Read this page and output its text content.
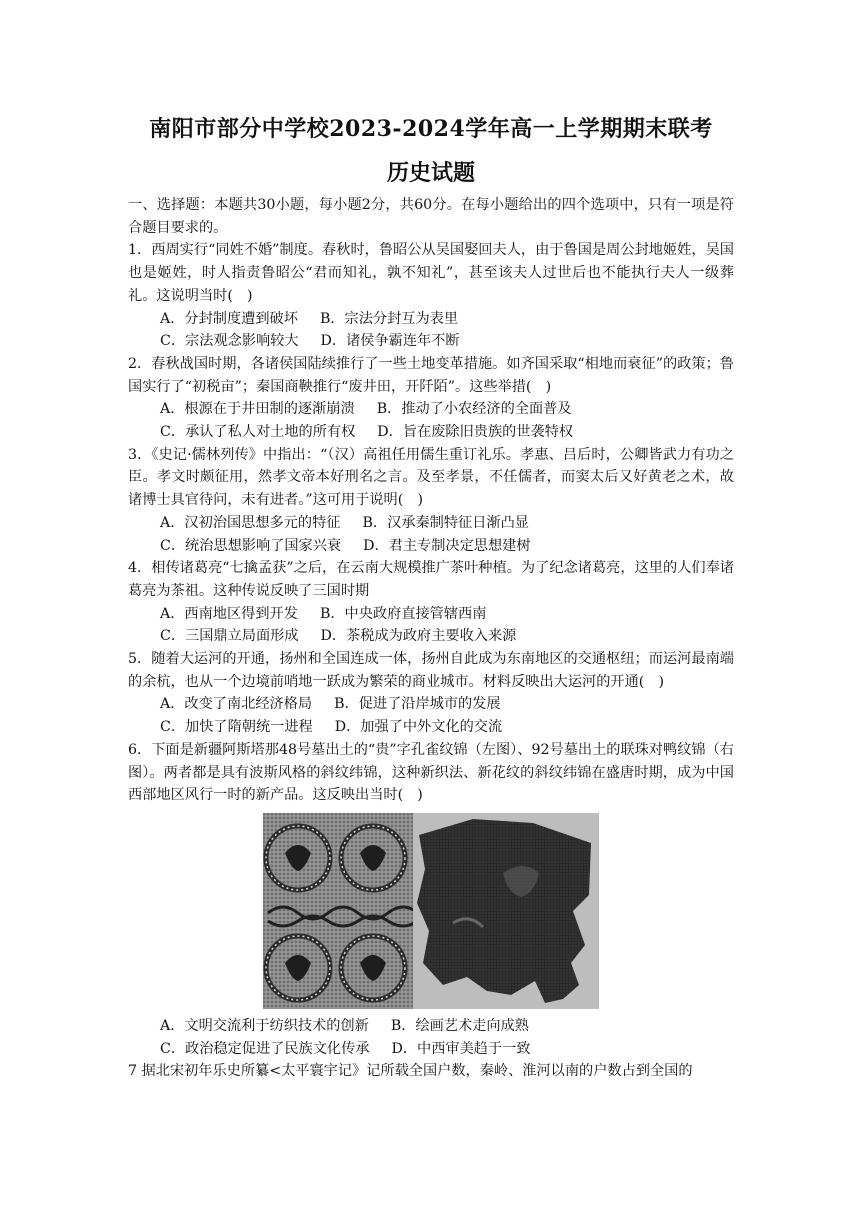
南阳市部分中学校2023-2024学年高一上学期期末联考
历史试题

一、选择题：本题共30小题，每小题2分，共60分。在每小题给出的四个选项中，只有一项是符合题目要求的。

1．西周实行“同姓不婚”制度。春秋时，鲁昭公从吴国娶回夫人，由于鲁国是周公封地姬姓，吴国也是姬姓，时人指责鲁昭公“君而知礼，孰不知礼”，甚至该夫人过世后也不能执行夫人一级葬礼。这说明当时(　)

A．分封制度遭到破坏 B．宗法分封互为表里
C．宗法观念影响较大 D．诸侯争霸连年不断

2．春秋战国时期，各诸侯国陆续推行了一些土地变革措施。如齐国采取“相地而衰征”的政策；鲁国实行了“初税亩”；秦国商鞅推行“废井田，开阡陌”。这些举措(　)

A．根源在于井田制的逐渐崩溃 B．推动了小农经济的全面普及
C．承认了私人对土地的所有权 D．旨在废除旧贵族的世袭特权

3．《史记·儒林列传》中指出：“（汉）高祖任用儒生重订礼乐。孝惠、吕后时，公卿皆武力有功之臣。孝文时颇征用，然孝文帝本好刑名之言。及至孝景，不任儒者，而窦太后又好黄老之术，故诸博士具官待问，未有进者。”这可用于说明(　)

A．汉初治国思想多元的特征 B．汉承秦制特征日渐凸显
C．统治思想影响了国家兴衰 D．君主专制决定思想建树

4．相传诸葛亮“七擒孟获”之后，在云南大规模推广茶叶种植。为了纪念诸葛亮，这里的人们奉诸葛亮为茶祖。这种传说反映了三国时期

A．西南地区得到开发 B．中央政府直接管辖西南
C．三国鼎立局面形成 D．茶税成为政府主要收入来源

5．随着大运河的开通，扬州和全国连成一体，扬州自此成为东南地区的交通枢纽；而运河最南端的余杭，也从一个边境前哨地一跃成为繁荣的商业城市。材料反映出大运河的开通(　)

A．改变了南北经济格局 B．促进了沿岸城市的发展
C．加快了隋朝统一进程 D．加强了中外文化的交流

6．下面是新疆阿斯塔那48号墓出土的“贵”字孔雀纹锦（左图）、92号墓出土的联珠对鸭纹锦（右图）。两者都是具有波斯风格的斜纹纬锦，这种新织法、新花纹的斜纹纬锦在盛唐时期，成为中国西部地区风行一时的新产品。这反映出当时(　)

A．文明交流利于纺织技术的创新 B．绘画艺术走向成熟
C．政治稳定促进了民族文化传承 D．中西审美趋于一致

7 据北宋初年乐史所纂<太平寰宇记》记所载全国户数，秦岭、淮河以南的户数占到全国的
